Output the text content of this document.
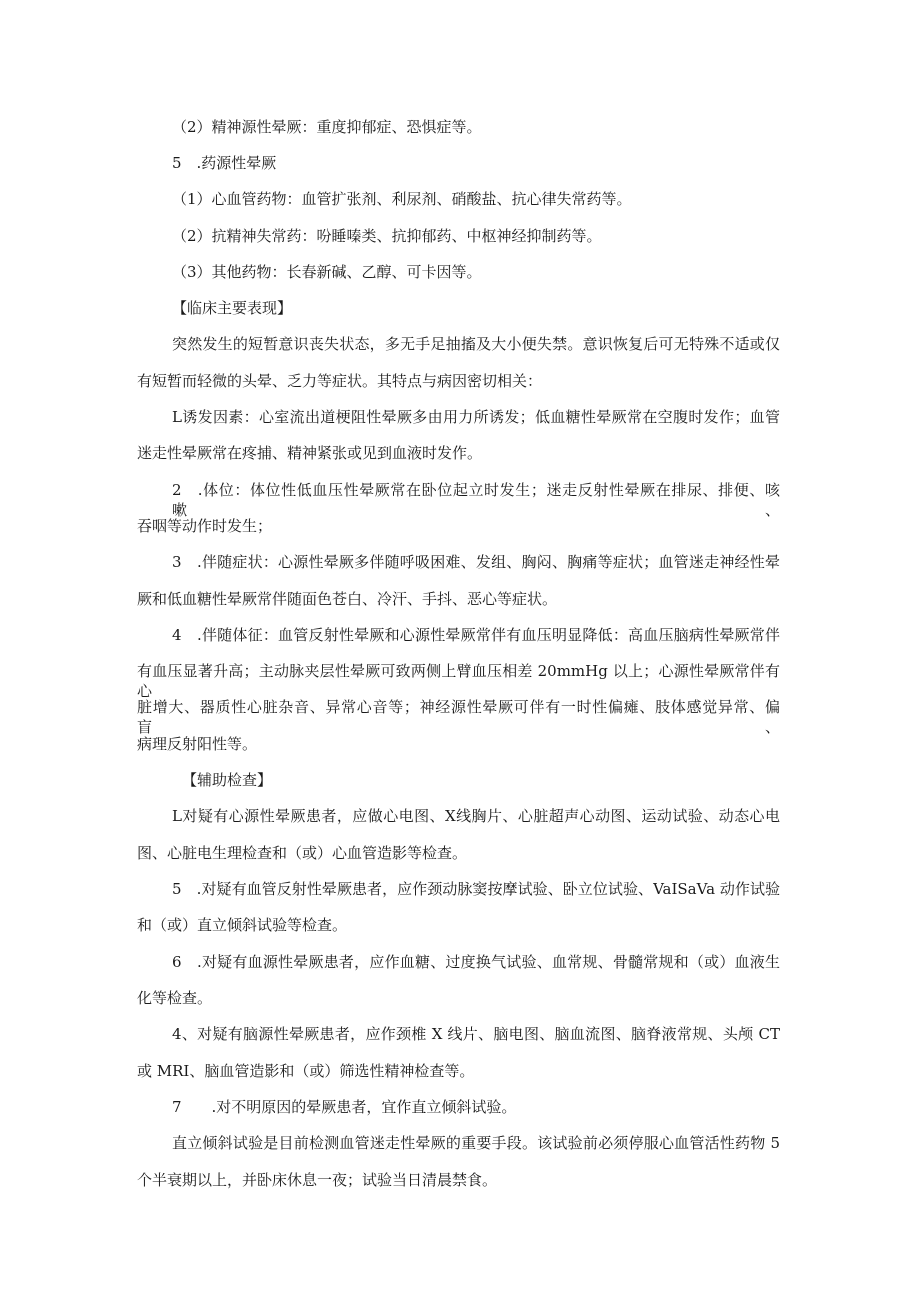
（2）精神源性晕厥：重度抑郁症、恐惧症等。
5　.药源性晕厥
（1）心血管药物：血管扩张剂、利尿剂、硝酸盐、抗心律失常药等。
（2）抗精神失常药：吩睡嗪类、抗抑郁药、中枢神经抑制药等。
（3）其他药物：长春新碱、乙醇、可卡因等。
【临床主要表现】
突然发生的短暂意识丧失状态，多无手足抽搐及大小便失禁。意识恢复后可无特殊不适或仅
有短暂而轻微的头晕、乏力等症状。其特点与病因密切相关：
L诱发因素：心室流出道梗阻性晕厥多由用力所诱发；低血糖性晕厥常在空腹时发作；血管
迷走性晕厥常在疼捕、精神紧张或见到血液时发作。
2　.体位：体位性低血压性晕厥常在卧位起立时发生；迷走反射性晕厥在排尿、排便、咳嗽、
吞咽等动作时发生；
3　.伴随症状：心源性晕厥多伴随呼吸困难、发组、胸闷、胸痛等症状；血管迷走神经性晕
厥和低血糖性晕厥常伴随面色苍白、冷汗、手抖、恶心等症状。
4　.伴随体征：血管反射性晕厥和心源性晕厥常伴有血压明显降低：高血压脑病性晕厥常伴
有血压显著升高；主动脉夹层性晕厥可致两侧上臂血压相差 20mmHg 以上；心源性晕厥常伴有心
脏增大、器质性心脏杂音、异常心音等；神经源性晕厥可伴有一时性偏瘫、肢体感觉异常、偏盲、
病理反射阳性等。
【辅助检查】
L对疑有心源性晕厥患者，应做心电图、X线胸片、心脏超声心动图、运动试验、动态心电
图、心脏电生理检查和（或）心血管造影等检查。
5　.对疑有血管反射性晕厥患者，应作颈动脉窦按摩试验、卧立位试验、VaISaVa 动作试验
和（或）直立倾斜试验等检查。
6　.对疑有血源性晕厥患者，应作血糖、过度换气试验、血常规、骨髓常规和（或）血液生
化等检查。
4、对疑有脑源性晕厥患者，应作颈椎 X 线片、脑电图、脑血流图、脑脊液常规、头颅 CT
或 MRI、脑血管造影和（或）筛选性精神检查等。
7　　.对不明原因的晕厥患者，宜作直立倾斜试验。
直立倾斜试验是目前检测血管迷走性晕厥的重要手段。该试验前必须停服心血管活性药物 5
个半衰期以上，并卧床休息一夜；试验当日清晨禁食。
